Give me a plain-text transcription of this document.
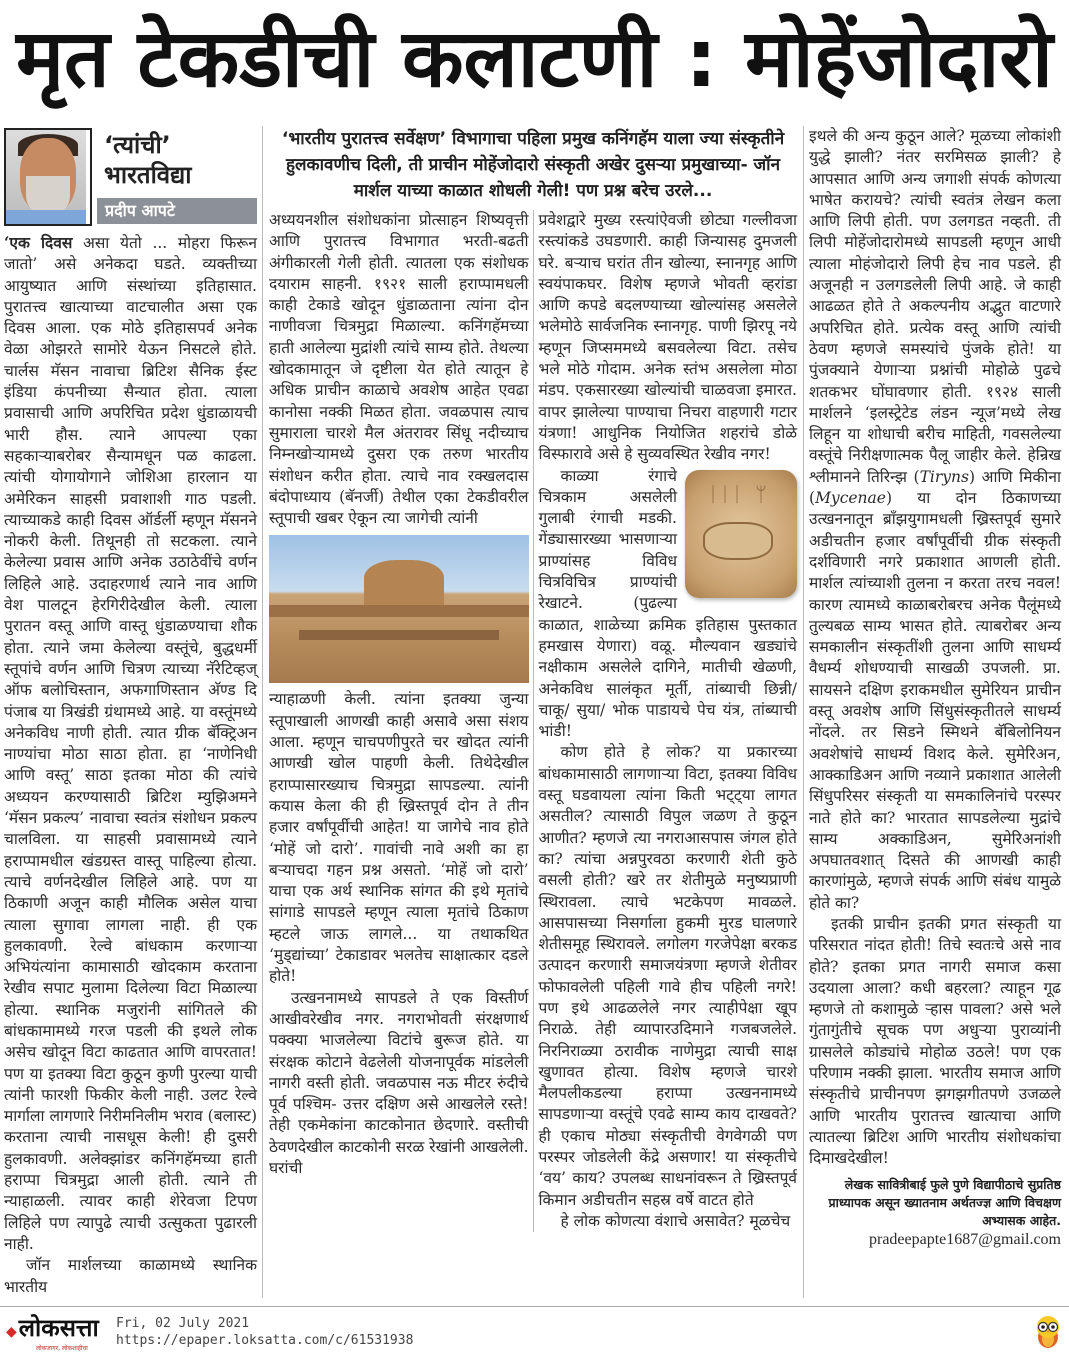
मृत टेकडीची कलाटणी : मोहेंजोदारो
‘त्यांची’
भारतविद्या
प्रदीप आपटे

‘एक दिवस असा येतो ... मोहरा फिरून जातो’ असे अनेकदा घडते. व्यक्तीच्या आयुष्यात आणि संस्थांच्या इतिहासात. पुरातत्त्व खात्याच्या वाटचालीत असा एक दिवस आला. एक मोठे इतिहासपर्व अनेक वेळा ओझरते सामोरे येऊन निसटले होते. चार्लस मॅसन नावाचा ब्रिटिश सैनिक ईस्ट इंडिया कंपनीच्या सैन्यात होता. त्याला प्रवासाची आणि अपरिचित प्रदेश धुंडाळायची भारी हौस. त्याने आपल्या एका सहकाऱ्याबरोबर सैन्यामधून पळ काढला. त्यांची योगायोगाने जोशिआ हारलान या अमेरिकन साहसी प्रवाशाशी गाठ पडली. त्याच्याकडे काही दिवस ऑर्डर्ली म्हणून मॅसनने नोकरी केली. तिथूनही तो सटकला. त्याने केलेल्या प्रवास आणि अनेक उठाठेवींचे वर्णन लिहिले आहे. उदाहरणार्थ त्याने नाव आणि वेश पालटून हेरगिरीदेखील केली. त्याला पुरातन वस्तू आणि वास्तू धुंडाळण्याचा शौक होता. त्याने जमा केलेल्या वस्तूंचे, बुद्धधर्मी स्तूपांचे वर्णन आणि चित्रण त्याच्या नॅरेटिव्हज् ऑफ बलोचिस्तान, अफगाणिस्तान अ‍ॅण्ड दि पंजाब या त्रिखंडी ग्रंथामध्ये आहे. या वस्तूंमध्ये अनेकविध नाणी होती. त्यात ग्रीक बॅक्ट्रिअन नाण्यांचा मोठा साठा होता. हा ‘नाणेनिधी आणि वस्तू’ साठा इतका मोठा की त्यांचे अध्ययन करण्यासाठी ब्रिटिश म्युझिअमने ‘मॅसन प्रकल्प’ नावाचा स्वतंत्र संशोधन प्रकल्प चालविला. या साहसी प्रवासामध्ये त्याने हराप्पामधील खंडग्रस्त वास्तू पाहिल्या होत्या. त्याचे वर्णनदेखील लिहिले आहे. पण या ठिकाणी अजून काही मौलिक असेल याचा त्याला सुगावा लागला नाही. ही एक हुलकावणी. रेल्वे बांधकाम करणाऱ्या अभियंत्यांना कामासाठी खोदकाम करताना रेखीव सपाट मुलामा दिलेल्या विटा मिळाल्या होत्या. स्थानिक मजुरांनी सांगितले की बांधकामामध्ये गरज पडली की इथले लोक असेच खोदून विटा काढतात आणि वापरतात! पण या इतक्या विटा कुठून कुणी पुरल्या याची त्यांनी फारशी फिकीर केली नाही. उलट रेल्वे मार्गाला लागणारे निरीमनिलीम भराव (बलास्ट) करताना त्याची नासधूस केली! ही दुसरी हुलकावणी. अलेक्झांडर कनिंगहॅमच्या हाती हराप्पा चित्रमुद्रा आली होती. त्याने ती न्याहाळली. त्यावर काही शेरेवजा टिपण लिहिले पण त्यापुढे त्याची उत्सुकता पुढारली नाही.

जॉन मार्शलच्या काळामध्ये स्थानिक भारतीय

‘भारतीय पुरातत्त्व सर्वेक्षण’ विभागाचा पहिला प्रमुख कनिंगहॅम याला ज्या संस्कृतीने हुलकावणीच दिली, ती प्राचीन मोहेंजोदारो संस्कृती अखेर दुसऱ्या प्रमुखाच्या- जॉन मार्शल याच्या काळात शोधली गेली! पण प्रश्न बरेच उरले...

अध्ययनशील संशोधकांना प्रोत्साहन शिष्यवृत्ती आणि पुरातत्त्व विभागात भरती-बढती अंगीकारली गेली होती. त्यातला एक संशोधक दयाराम साहनी. १९२१ साली हराप्पामधली काही टेकाडे खोदून धुंडाळताना त्यांना दोन नाणीवजा चित्रमुद्रा मिळाल्या. कनिंगहॅमच्या हाती आलेल्या मुद्रांशी त्यांचे साम्य होते. तेथल्या खोदकामातून जे दृष्टीला येत होते त्यातून हे अधिक प्राचीन काळाचे अवशेष आहेत एवढा कानोसा नक्की मिळत होता. जवळपास त्याच सुमाराला चारशे मैल अंतरावर सिंधू नदीच्याच निम्नखोऱ्यामध्ये दुसरा एक तरुण भारतीय संशोधन करीत होता. त्याचे नाव रक्खलदास बंदोपाध्याय (बॅनर्जी) तेथील एका टेकडीवरील स्तूपाची खबर ऐकून त्या जागेची त्यांनी

न्याहाळणी केली. त्यांना इतक्या जुन्या स्तूपाखाली आणखी काही असावे असा संशय आला. म्हणून चाचपणीपुरते चर खोदत त्यांनी आणखी खोल पाहणी केली. तिथेदेखील हराप्पासारख्याच चित्रमुद्रा सापडल्या. त्यांनी कयास केला की ही ख्रिस्तपूर्व दोन ते तीन हजार वर्षांपूर्वीची आहेत! या जागेचे नाव होते ‘मोहें जो दारो’. गावांची नावे अशी का हा बऱ्याचदा गहन प्रश्न असतो. ‘मोहें जो दारो’ याचा एक अर्थ स्थानिक सांगत की इथे मृतांचे सांगाडे सापडले म्हणून त्याला मृतांचे ठिकाण म्हटले जाऊ लागले... या तथाकथित ‘मुड्द्यांच्या’ टेकाडावर भलतेच साक्षात्कार दडले होते!

उत्खननामध्ये सापडले ते एक विस्तीर्ण आखीवरेखीव नगर. नगराभोवती संरक्षणार्थ पक्क्या भाजलेल्या विटांचे बुरूज होते. या संरक्षक कोटाने वेढलेली योजनापूर्वक मांडलेली नागरी वस्ती होती. जवळपास नऊ मीटर रुंदीचे पूर्व पश्चिम- उत्तर दक्षिण असे आखलेले रस्ते! तेही एकमेकांना काटकोनात छेदणारे. वस्तीची ठेवणदेखील काटकोनी सरळ रेखांनी आखलेली. घरांची

प्रवेशद्वारे मुख्य रस्त्यांऐवजी छोट्या गल्लीवजा रस्त्यांकडे उघडणारी. काही जिन्यासह दुमजली घरे. बऱ्याच घरांत तीन खोल्या, स्नानगृह आणि स्वयंपाकघर. विशेष म्हणजे भोवती व्हरांडा आणि कपडे बदलण्याच्या खोल्यांसह असलेले भलेमोठे सार्वजनिक स्नानगृह. पाणी झिरपू नये म्हणून जिप्सममध्ये बसवलेल्या विटा. तसेच भले मोठे गोदाम. अनेक स्तंभ असलेला मोठा मंडप. एकसारख्या खोल्यांची चाळवजा इमारत. वापर झालेल्या पाण्याचा निचरा वाहणारी गटार यंत्रणा! आधुनिक नियोजित शहरांचे डोळे विस्फारावे असे हे सुव्यवस्थित रेखीव नगर!

ᛁᛁᛁ ᛘ

काळ्या रंगाचे चित्रकाम असलेली गुलाबी रंगाची मडकी. गेंड्यासारख्या भासणाऱ्या प्राण्यांसह विविध चित्रविचित्र प्राण्यांची रेखाटने. (पुढल्या काळात, शाळेच्या क्रमिक इतिहास पुस्तकात हमखास येणारा) वळू. मौल्यवान खड्यांचे नक्षीकाम असलेले दागिने, मातीची खेळणी, अनेकविध सालंकृत मूर्ती, तांब्याची छिन्नी/ चाकू/ सुया/ भोक पाडायचे पेच यंत्र, तांब्याची भांडी!

कोण होते हे लोक? या प्रकारच्या बांधकामासाठी लागणाऱ्या विटा, इतक्या विविध वस्तू घडवायला त्यांना किती भट्ट्या लागत असतील? त्यासाठी विपुल जळण ते कुठून आणीत? म्हणजे त्या नगराआसपास जंगल होते का? त्यांचा अन्नपुरवठा करणारी शेती कुठे वसली होती? खरे तर शेतीमुळे मनुष्यप्राणी स्थिरावला. त्याचे भटकेपण मावळले. आसपासच्या निसर्गाला हुकमी मुरड घालणारे शेतीसमूह स्थिरावले. लगोलग गरजेपेक्षा बरकड उत्पादन करणारी समाजयंत्रणा म्हणजे शेतीवर फोफावलेली पहिली गावे हीच पहिली नगरे! पण इथे आढळलेले नगर त्याहीपेक्षा खूप निराळे. तेही व्यापारउदिमाने गजबजलेले. निरनिराळ्या ठरावीक नाणेमुद्रा त्याची साक्ष खुणावत होत्या. विशेष म्हणजे चारशे मैलपलीकडल्या हराप्पा उत्खननामध्ये सापडणाऱ्या वस्तूंचे एवढे साम्य काय दाखवते? ही एकाच मोठ्या संस्कृतीची वेगवेगळी पण परस्पर जोडलेली केंद्रे असणार! या संस्कृतीचे ‘वय’ काय? उपलब्ध साधनांवरून ते ख्रिस्तपूर्व किमान अडीचतीन सहस्र वर्षे वाटत होते

हे लोक कोणत्या वंशाचे असावेत? मूळचेच

इथले की अन्य कुठून आले? मूळच्या लोकांशी युद्धे झाली? नंतर सरमिसळ झाली? हे आपसात आणि अन्य जगाशी संपर्क कोणत्या भाषेत करायचे? त्यांची स्वतंत्र लेखन कला आणि लिपी होती. पण उलगडत नव्हती. ती लिपी मोहेंजोदारोमध्ये सापडली म्हणून आधी त्याला मोहंजोदारो लिपी हेच नाव पडले. ही अजूनही न उलगडलेली लिपी आहे. जे काही आढळत होते ते अकल्पनीय अद्भुत वाटणारे अपरिचित होते. प्रत्येक वस्तू आणि त्यांची ठेवण म्हणजे समस्यांचे पुंजके होते! या पुंजक्याने येणाऱ्या प्रश्नांची मोहोळे पुढचे शतकभर घोंघावणार होती. १९२४ साली मार्शलने ‘इलस्ट्रेटेड लंडन न्यूज’मध्ये लेख लिहून या शोधाची बरीच माहिती, गवसलेल्या वस्तूंचे निरीक्षणात्मक पैलू जाहीर केले. हेन्रिख श्लीमानने तिरिन्झ (Tiryns) आणि मिकीना (Mycenae) या दोन ठिकाणच्या उत्खननातून ब्राँझयुगामधली ख्रिस्तपूर्व सुमारे अडीचतीन हजार वर्षांपूर्वीची ग्रीक संस्कृती दर्शविणारी नगरे प्रकाशात आणली होती. मार्शल त्यांच्याशी तुलना न करता तरच नवल! कारण त्यामध्ये काळाबरोबरच अनेक पैलूंमध्ये तुल्यबळ साम्य भासत होते. त्याबरोबर अन्य समकालीन संस्कृतींशी तुलना आणि साधर्म्य वैधर्म्य शोधण्याची साखळी उपजली. प्रा. सायसने दक्षिण इराकमधील सुमेरियन प्राचीन वस्तू अवशेष आणि सिंधुसंस्कृतीतले साधर्म्य नोंदले. तर सिडने स्मिथने बॅबिलोनियन अवशेषांचे साधर्म्य विशद केले. सुमेरिअन, आक्काडिअन आणि नव्याने प्रकाशात आलेली सिंधुपरिसर संस्कृती या समकालिनांचे परस्पर नाते होते का? भारतात सापडलेल्या मुद्रांचे साम्य अक्काडिअन, सुमेरिअनांशी अपघातवशात् दिसते की आणखी काही कारणांमुळे, म्हणजे संपर्क आणि संबंध यामुळे होते का?

इतकी प्राचीन इतकी प्रगत संस्कृती या परिसरात नांदत होती! तिचे स्वतःचे असे नाव होते? इतका प्रगत नागरी समाज कसा उदयाला आला? कधी बहरला? त्याहून गूढ म्हणजे तो कशामुळे ऱ्हास पावला? असे भले गुंतागुंतीचे सूचक पण अधुऱ्या पुराव्यांनी ग्रासलेले कोड्यांचे मोहोळ उठले! पण एक परिणाम नक्की झाला. भारतीय समाज आणि संस्कृतीचे प्राचीनपण झगझगीतपणे उजळले आणि भारतीय पुरातत्त्व खात्याचा आणि त्यातल्या ब्रिटिश आणि भारतीय संशोधकांचा दिमाखदेखील!

लेखक सावित्रीबाई फुले पुणे विद्यापीठाचे सुप्रतिष्ठ प्राध्यापक असून ख्यातनाम अर्थतज्ज्ञ आणि विचक्षण अभ्यासक आहेत.
pradeepapte1687@gmail.com
◆लोकसत्ता
लोकजागर, लोकशाहीचा
Fri, 02 July 2021
https://epaper.loksatta.com/c/61531938
